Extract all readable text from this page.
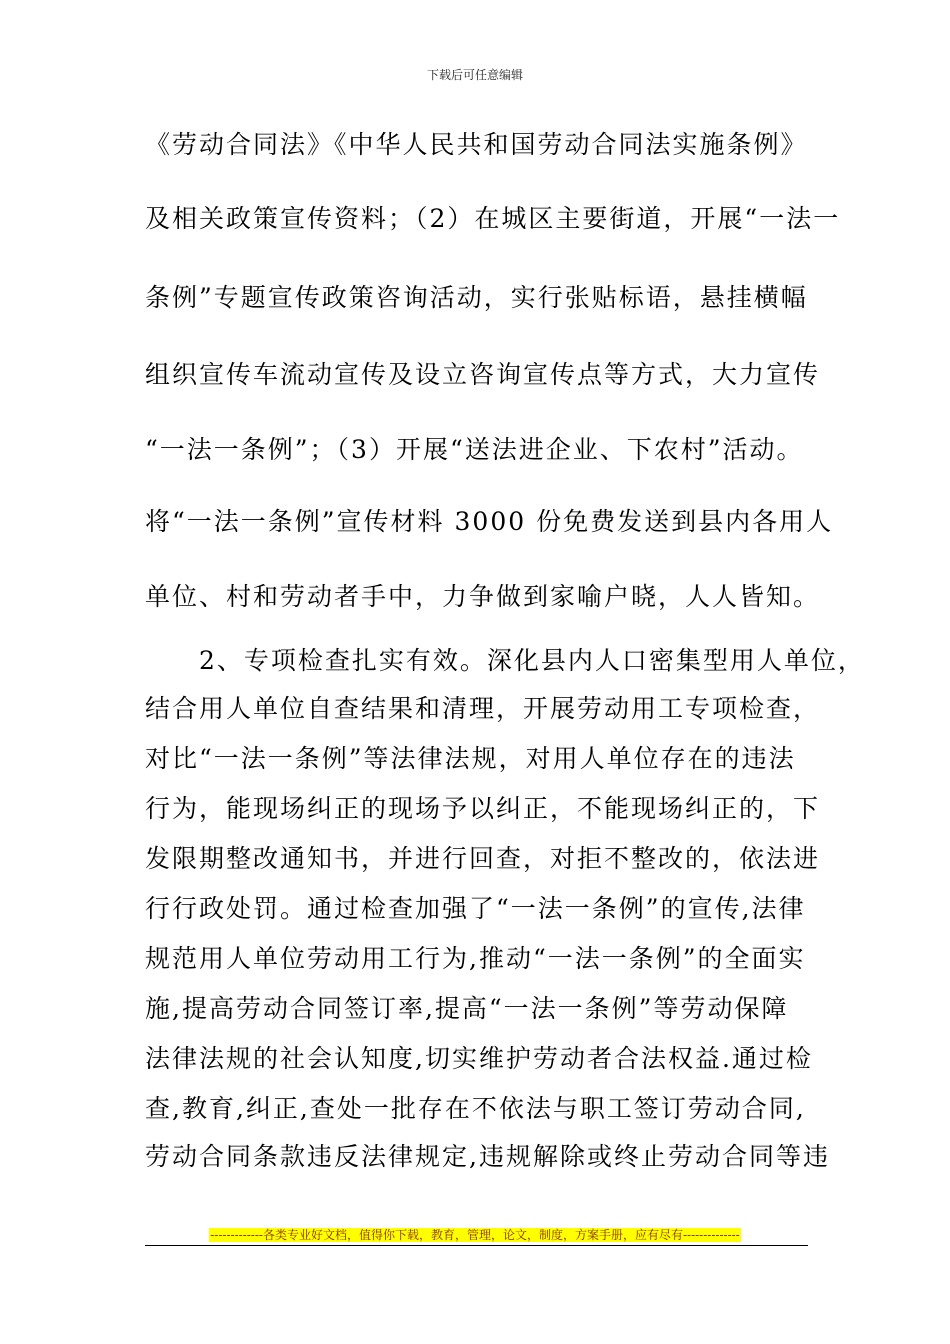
下载后可任意编辑
《劳动合同法》《中华人民共和国劳动合同法实施条例》
及相关政策宣传资料；（2）在城区主要街道，开展“一法一
条例”专题宣传政策咨询活动，实行张贴标语，悬挂横幅
组织宣传车流动宣传及设立咨询宣传点等方式，大力宣传
“一法一条例”；（3）开展“送法进企业、下农村”活动。
将“一法一条例”宣传材料 3000 份免费发送到县内各用人
单位、村和劳动者手中，力争做到家喻户晓，人人皆知。
　　2、专项检查扎实有效。深化县内人口密集型用人单位，
结合用人单位自查结果和清理，开展劳动用工专项检查，
对比“一法一条例”等法律法规，对用人单位存在的违法
行为，能现场纠正的现场予以纠正，不能现场纠正的，下
发限期整改通知书，并进行回查，对拒不整改的，依法进
行行政处罚。通过检查加强了“一法一条例”的宣传,法律
规范用人单位劳动用工行为,推动“一法一条例”的全面实
施,提高劳动合同签订率,提高“一法一条例”等劳动保障
法律法规的社会认知度,切实维护劳动者合法权益.通过检
查,教育,纠正,查处一批存在不依法与职工签订劳动合同,
劳动合同条款违反法律规定,违规解除或终止劳动合同等违
-------------各类专业好文档，值得你下载，教育，管理，论文，制度，方案手册，应有尽有--------------
